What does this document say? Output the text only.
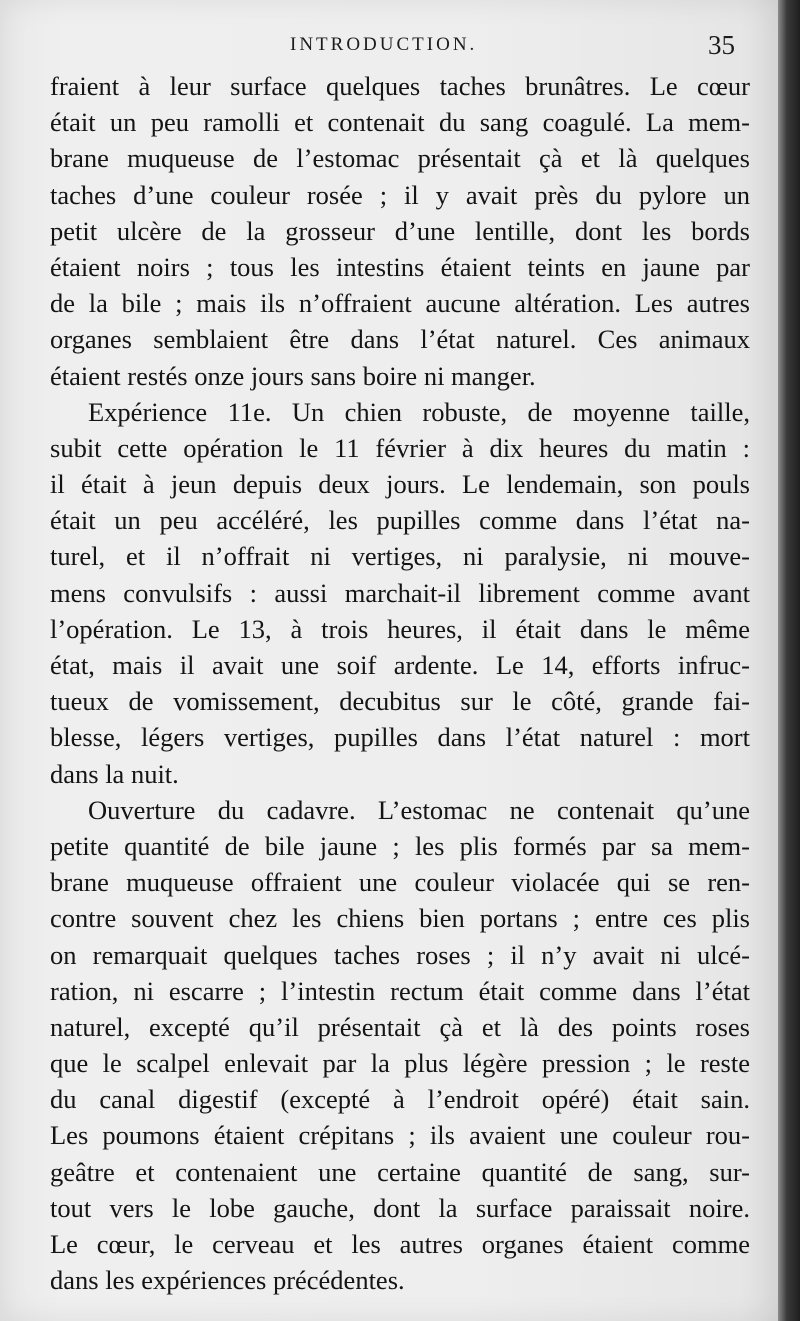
INTRODUCTION.	35
fraient à leur surface quelques taches brunâtres. Le cœur
était un peu ramolli et contenait du sang coagulé. La mem-
brane muqueuse de l’estomac présentait çà et là quelques
taches d’une couleur rosée ; il y avait près du pylore un
petit ulcère de la grosseur d’une lentille, dont les bords
étaient noirs ; tous les intestins étaient teints en jaune par
de la bile ; mais ils n’offraient aucune altération. Les autres
organes semblaient être dans l’état naturel. Ces animaux
étaient restés onze jours sans boire ni manger.
Expérience 11e. Un chien robuste, de moyenne taille,
subit cette opération le 11 février à dix heures du matin :
il était à jeun depuis deux jours. Le lendemain, son pouls
était un peu accéléré, les pupilles comme dans l’état na-
turel, et il n’offrait ni vertiges, ni paralysie, ni mouve-
mens convulsifs : aussi marchait-il librement comme avant
l’opération. Le 13, à trois heures, il était dans le même
état, mais il avait une soif ardente. Le 14, efforts infruc-
tueux de vomissement, decubitus sur le côté, grande fai-
blesse, légers vertiges, pupilles dans l’état naturel : mort
dans la nuit.
Ouverture du cadavre. L’estomac ne contenait qu’une
petite quantité de bile jaune ; les plis formés par sa mem-
brane muqueuse offraient une couleur violacée qui se ren-
contre souvent chez les chiens bien portans ; entre ces plis
on remarquait quelques taches roses ; il n’y avait ni ulcé-
ration, ni escarre ; l’intestin rectum était comme dans l’état
naturel, excepté qu’il présentait çà et là des points roses
que le scalpel enlevait par la plus légère pression ; le reste
du canal digestif (excepté à l’endroit opéré) était sain.
Les poumons étaient crépitans ; ils avaient une couleur rou-
geâtre et contenaient une certaine quantité de sang, sur-
tout vers le lobe gauche, dont la surface paraissait noire.
Le cœur, le cerveau et les autres organes étaient comme
dans les expériences précédentes.
